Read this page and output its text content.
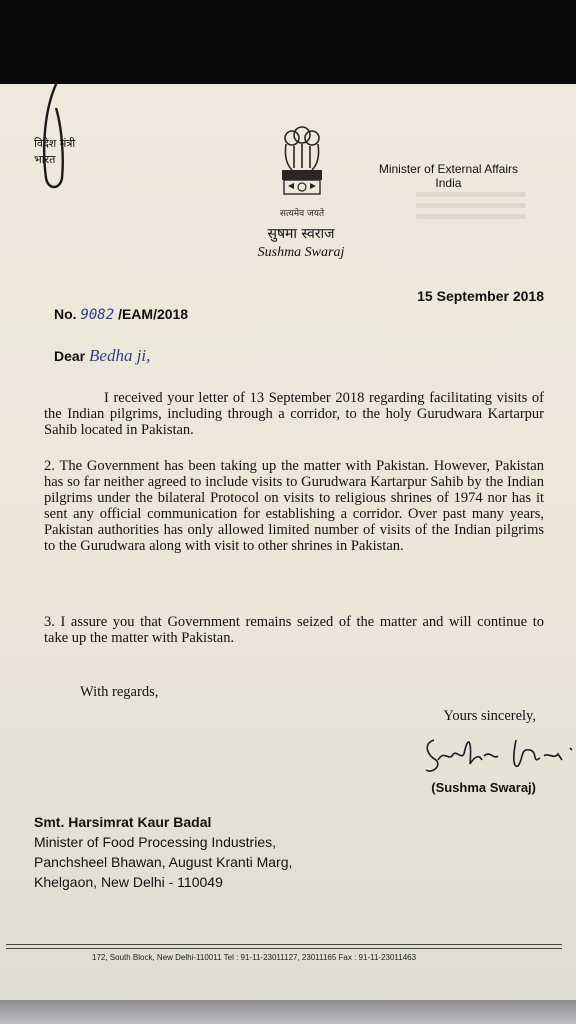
विदेश मंत्री
भारत
सत्यमेव जयते
सुषमा स्वराज
Sushma Swaraj
Minister of External Affairs
India
15 September 2018
No. 9082 /EAM/2018
Dear Bedha ji,
I received your letter of 13 September 2018 regarding facilitating visits of the Indian pilgrims, including through a corridor, to the holy Gurudwara Kartarpur Sahib located in Pakistan.
2. The Government has been taking up the matter with Pakistan. However, Pakistan has so far neither agreed to include visits to Gurudwara Kartarpur Sahib by the Indian pilgrims under the bilateral Protocol on visits to religious shrines of 1974 nor has it sent any official communication for establishing a corridor. Over past many years, Pakistan authorities has only allowed limited number of visits of the Indian pilgrims to the Gurudwara along with visit to other shrines in Pakistan.
3. I assure you that Government remains seized of the matter and will continue to take up the matter with Pakistan.
With regards,
Yours sincerely,
(Sushma Swaraj)
Smt. Harsimrat Kaur Badal
Minister of Food Processing Industries,
Panchsheel Bhawan, August Kranti Marg,
Khelgaon, New Delhi - 110049
172, South Block, New Delhi-110011 Tel : 91-11-23011127, 23011165 Fax : 91-11-23011463
